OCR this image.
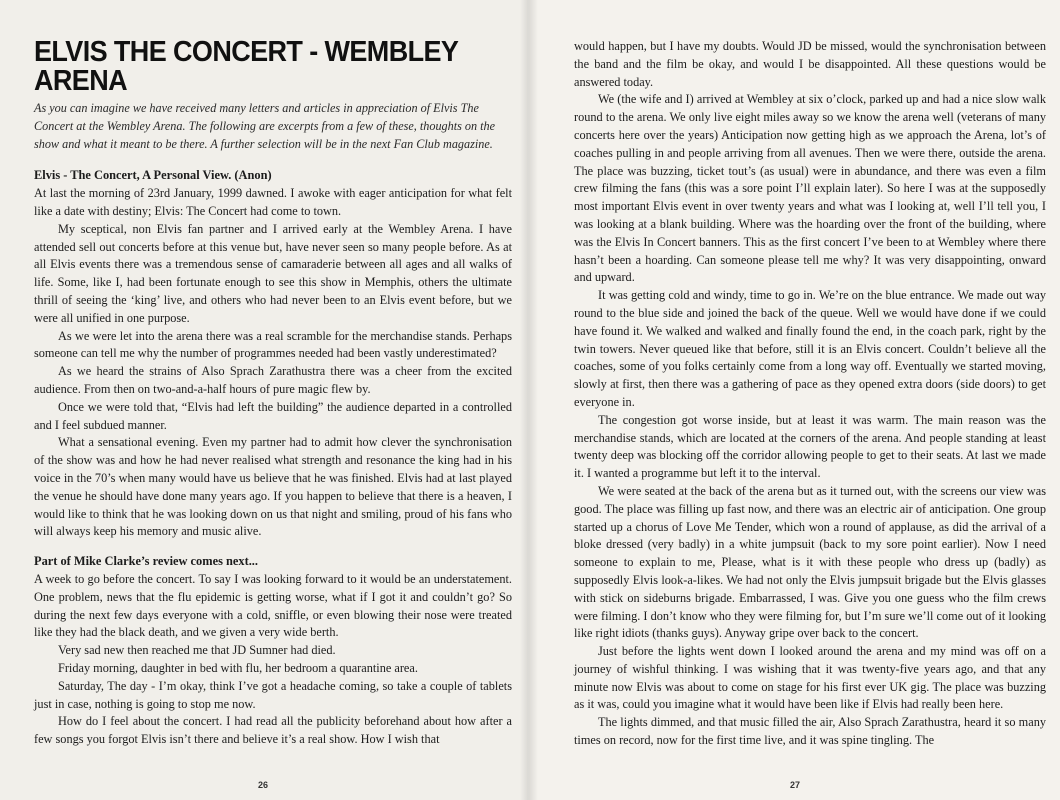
ELVIS THE CONCERT - WEMBLEY ARENA
As you can imagine we have received many letters and articles in appreciation of Elvis The Concert at the Wembley Arena. The following are excerpts from a few of these, thoughts on the show and what it meant to be there. A further selection will be in the next Fan Club magazine.
Elvis - The Concert, A Personal View. (Anon)

At last the morning of 23rd January, 1999 dawned. I awoke with eager anticipation for what felt like a date with destiny; Elvis: The Concert had come to town.

My sceptical, non Elvis fan partner and I arrived early at the Wembley Arena. I have attended sell out concerts before at this venue but, have never seen so many people before. As at all Elvis events there was a tremendous sense of camaraderie between all ages and all walks of life. Some, like I, had been fortunate enough to see this show in Memphis, others the ultimate thrill of seeing the ‘king’ live, and others who had never been to an Elvis event before, but we were all unified in one purpose.

As we were let into the arena there was a real scramble for the merchandise stands. Perhaps someone can tell me why the number of programmes needed had been vastly underestimated?

As we heard the strains of Also Sprach Zarathustra there was a cheer from the excited audience. From then on two-and-a-half hours of pure magic flew by.

Once we were told that, “Elvis had left the building” the audience departed in a controlled and I feel subdued manner.

What a sensational evening. Even my partner had to admit how clever the synchronisation of the show was and how he had never realised what strength and resonance the king had in his voice in the 70’s when many would have us believe that he was finished. Elvis had at last played the venue he should have done many years ago. If you happen to believe that there is a heaven, I would like to think that he was looking down on us that night and smiling, proud of his fans who will always keep his memory and music alive.

Part of Mike Clarke’s review comes next...

A week to go before the concert. To say I was looking forward to it would be an understatement. One problem, news that the flu epidemic is getting worse, what if I got it and couldn’t go? So during the next few days everyone with a cold, sniffle, or even blowing their nose were treated like they had the black death, and we given a very wide berth.

Very sad new then reached me that JD Sumner had died.

Friday morning, daughter in bed with flu, her bedroom a quarantine area.

Saturday, The day - I’m okay, think I’ve got a headache coming, so take a couple of tablets just in case, nothing is going to stop me now.

How do I feel about the concert. I had read all the publicity beforehand about how after a few songs you forgot Elvis isn’t there and believe it’s a real show. How I wish that

26

would happen, but I have my doubts. Would JD be missed, would the synchronisation between the band and the film be okay, and would I be disappointed. All these questions would be answered today.

We (the wife and I) arrived at Wembley at six o’clock, parked up and had a nice slow walk round to the arena. We only live eight miles away so we know the arena well (veterans of many concerts here over the years) Anticipation now getting high as we approach the Arena, lot’s of coaches pulling in and people arriving from all avenues. Then we were there, outside the arena. The place was buzzing, ticket tout’s (as usual) were in abundance, and there was even a film crew filming the fans (this was a sore point I’ll explain later). So here I was at the supposedly most important Elvis event in over twenty years and what was I looking at, well I’ll tell you, I was looking at a blank building. Where was the hoarding over the front of the building, where was the Elvis In Concert banners. This as the first concert I’ve been to at Wembley where there hasn’t been a hoarding. Can someone please tell me why? It was very disappointing, onward and upward.

It was getting cold and windy, time to go in. We’re on the blue entrance. We made out way round to the blue side and joined the back of the queue. Well we would have done if we could have found it. We walked and walked and finally found the end, in the coach park, right by the twin towers. Never queued like that before, still it is an Elvis concert. Couldn’t believe all the coaches, some of you folks certainly come from a long way off. Eventually we started moving, slowly at first, then there was a gathering of pace as they opened extra doors (side doors) to get everyone in.

The congestion got worse inside, but at least it was warm. The main reason was the merchandise stands, which are located at the corners of the arena. And people standing at least twenty deep was blocking off the corridor allowing people to get to their seats. At last we made it. I wanted a programme but left it to the interval.

We were seated at the back of the arena but as it turned out, with the screens our view was good. The place was filling up fast now, and there was an electric air of anticipation. One group started up a chorus of Love Me Tender, which won a round of applause, as did the arrival of a bloke dressed (very badly) in a white jumpsuit (back to my sore point earlier). Now I need someone to explain to me, Please, what is it with these people who dress up (badly) as supposedly Elvis look-a-likes. We had not only the Elvis jumpsuit brigade but the Elvis glasses with stick on sideburns brigade. Embarrassed, I was. Give you one guess who the film crews were filming. I don’t know who they were filming for, but I’m sure we’ll come out of it looking like right idiots (thanks guys). Anyway gripe over back to the concert.

Just before the lights went down I looked around the arena and my mind was off on a journey of wishful thinking. I was wishing that it was twenty-five years ago, and that any minute now Elvis was about to come on stage for his first ever UK gig. The place was buzzing as it was, could you imagine what it would have been like if Elvis had really been here.

The lights dimmed, and that music filled the air, Also Sprach Zarathustra, heard it so many times on record, now for the first time live, and it was spine tingling. The

27
